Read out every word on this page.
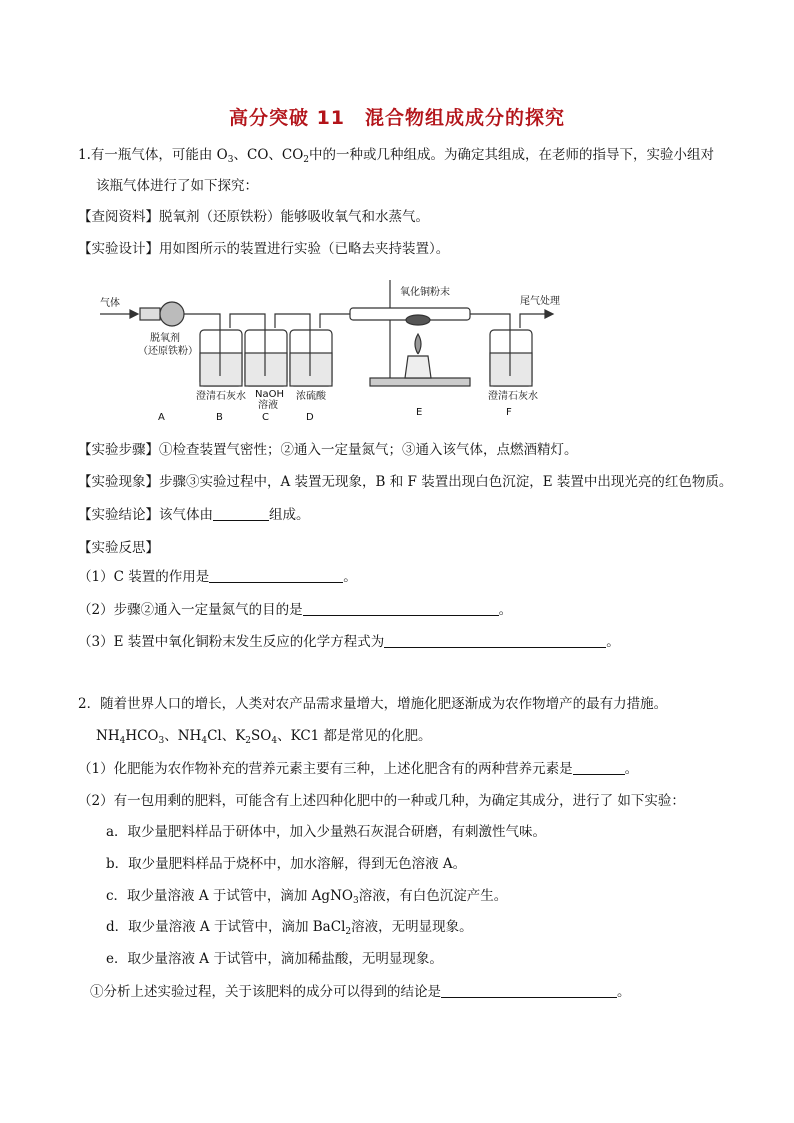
高分突破 11　混合物组成成分的探究
1.有一瓶气体，可能由 $O_3$、CO、$CO_2$中的一种或几种组成。为确定其组成，在老师的指导下，实验小组对
该瓶气体进行了如下探究：
【查阅资料】脱氧剂（还原铁粉）能够吸收氧气和水蒸气。
【实验设计】用如图所示的装置进行实验（已略去夹持装置）。
气体
脱氧剂
（还原铁粉）
氧化铜粉末
尾气处理
澄清石灰水 NaOH
溶液
浓硫酸	澄清石灰水
A	B	C	D	E	F
【实验步骤】①检查装置气密性；②通入一定量氮气；③通入该气体，点燃酒精灯。
【实验现象】步骤③实验过程中，A 装置无现象，B 和 F 装置出现白色沉淀，E 装置中出现光亮的红色物质。
【实验结论】该气体由	组成。
【实验反思】
（1）C 装置的作用是	。
（2）步骤②通入一定量氮气的目的是	。
（3）E 装置中氧化铜粉末发生反应的化学方程式为	。
2．随着世界人口的增长，人类对农产品需求量增大，增施化肥逐渐成为农作物增产的最有力措施。
$NH_4HCO_3$、$NH_4Cl$、$K_2SO_4$、KC1 都是常见的化肥。
（1）化肥能为农作物补充的营养元素主要有三种，上述化肥含有的两种营养元素是	。
（2）有一包用剩的肥料，可能含有上述四种化肥中的一种或几种，为确定其成分，进行了 如下实验：
a．取少量肥料样品于研体中，加入少量熟石灰混合研磨，有刺激性气味。
b．取少量肥料样品于烧杯中，加水溶解，得到无色溶液 A。
c．取少量溶液 A 于试管中，滴加 AgNO$_3$溶液，有白色沉淀产生。
d．取少量溶液 A 于试管中，滴加 BaCl$_2$溶液，无明显现象。
e．取少量溶液 A 于试管中，滴加稀盐酸，无明显现象。
①分析上述实验过程，关于该肥料的成分可以得到的结论是	。
